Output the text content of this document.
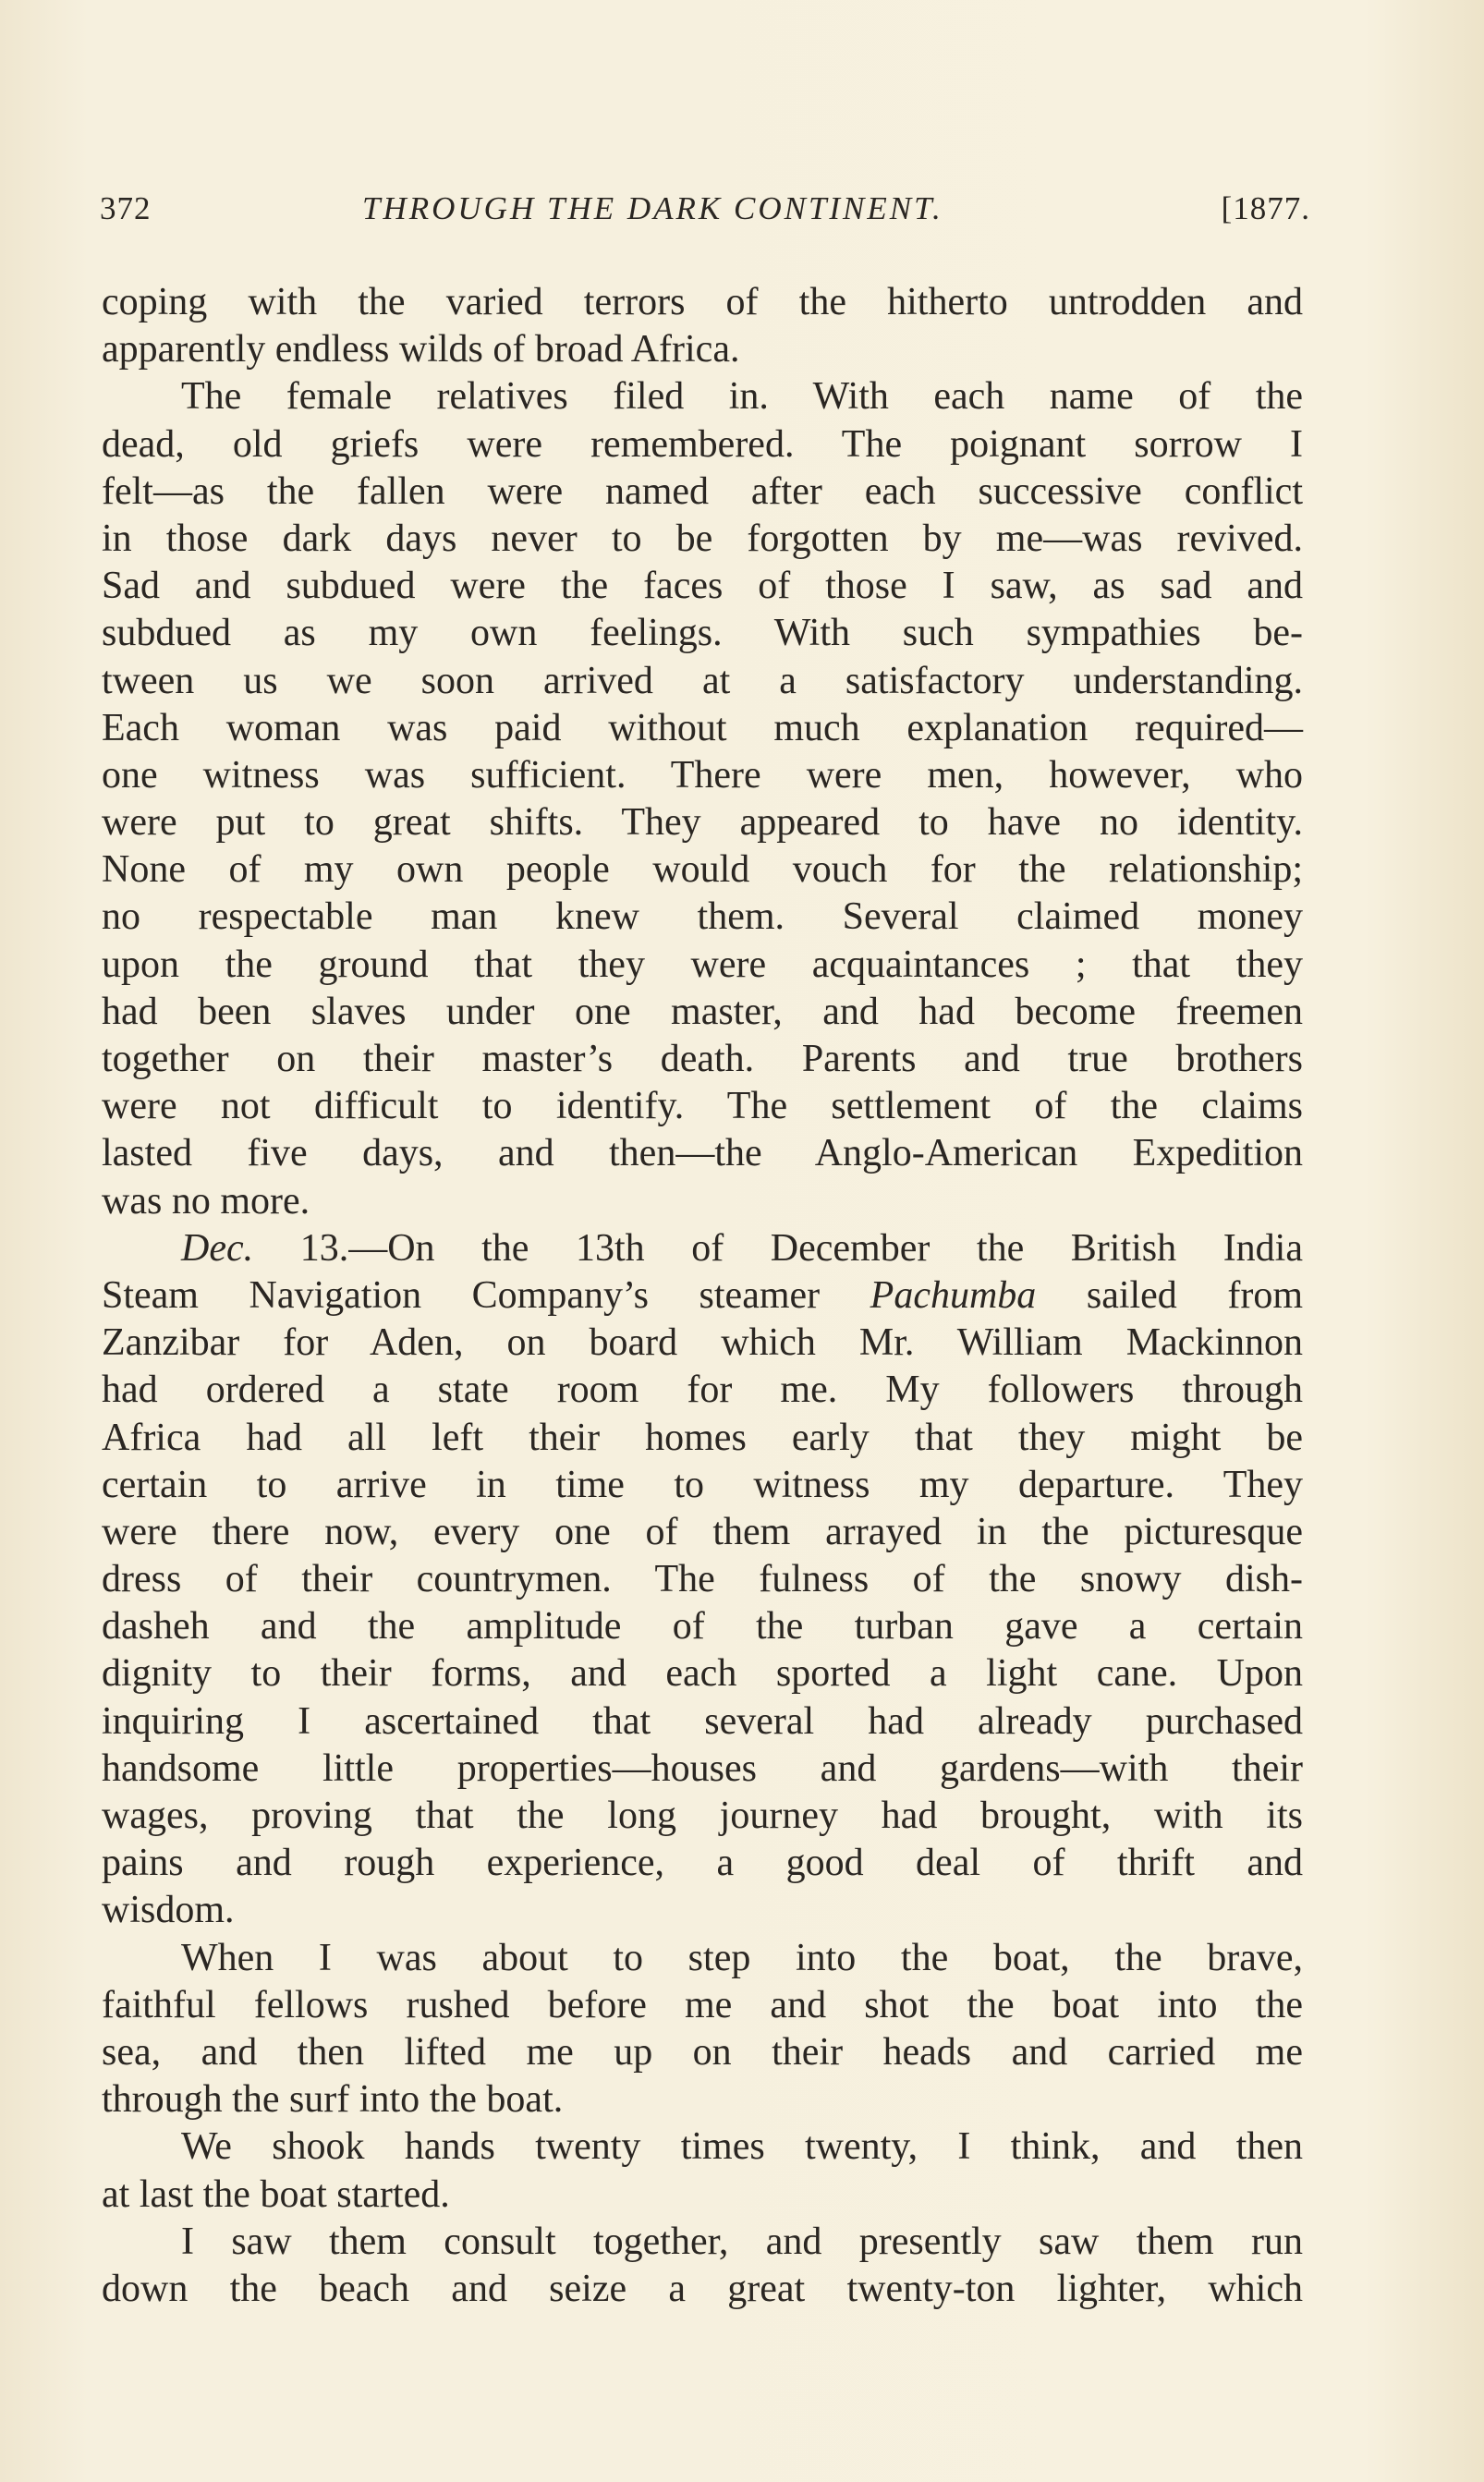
372	THROUGH THE DARK CONTINENT.	[1877.
coping with the varied terrors of the hitherto untrodden and
apparently endless wilds of broad Africa.
The female relatives filed in. With each name of the
dead, old griefs were remembered. The poignant sorrow I
felt—as the fallen were named after each successive conflict
in those dark days never to be forgotten by me—was revived.
Sad and subdued were the faces of those I saw, as sad and
subdued as my own feelings. With such sympathies be-
tween us we soon arrived at a satisfactory understanding.
Each woman was paid without much explanation required—
one witness was sufficient. There were men, however, who
were put to great shifts. They appeared to have no identity.
None of my own people would vouch for the relationship;
no respectable man knew them. Several claimed money
upon the ground that they were acquaintances ; that they
had been slaves under one master, and had become freemen
together on their master’s death. Parents and true brothers
were not difficult to identify. The settlement of the claims
lasted five days, and then—the Anglo-American Expedition
was no more.
Dec. 13.—On the 13th of December the British India
Steam Navigation Company’s steamer Pachumba sailed from
Zanzibar for Aden, on board which Mr. William Mackinnon
had ordered a state room for me. My followers through
Africa had all left their homes early that they might be
certain to arrive in time to witness my departure. They
were there now, every one of them arrayed in the picturesque
dress of their countrymen. The fulness of the snowy dish-
dasheh and the amplitude of the turban gave a certain
dignity to their forms, and each sported a light cane. Upon
inquiring I ascertained that several had already purchased
handsome little properties—houses and gardens—with their
wages, proving that the long journey had brought, with its
pains and rough experience, a good deal of thrift and
wisdom.
When I was about to step into the boat, the brave,
faithful fellows rushed before me and shot the boat into the
sea, and then lifted me up on their heads and carried me
through the surf into the boat.
We shook hands twenty times twenty, I think, and then
at last the boat started.
I saw them consult together, and presently saw them run
down the beach and seize a great twenty-ton lighter, which
